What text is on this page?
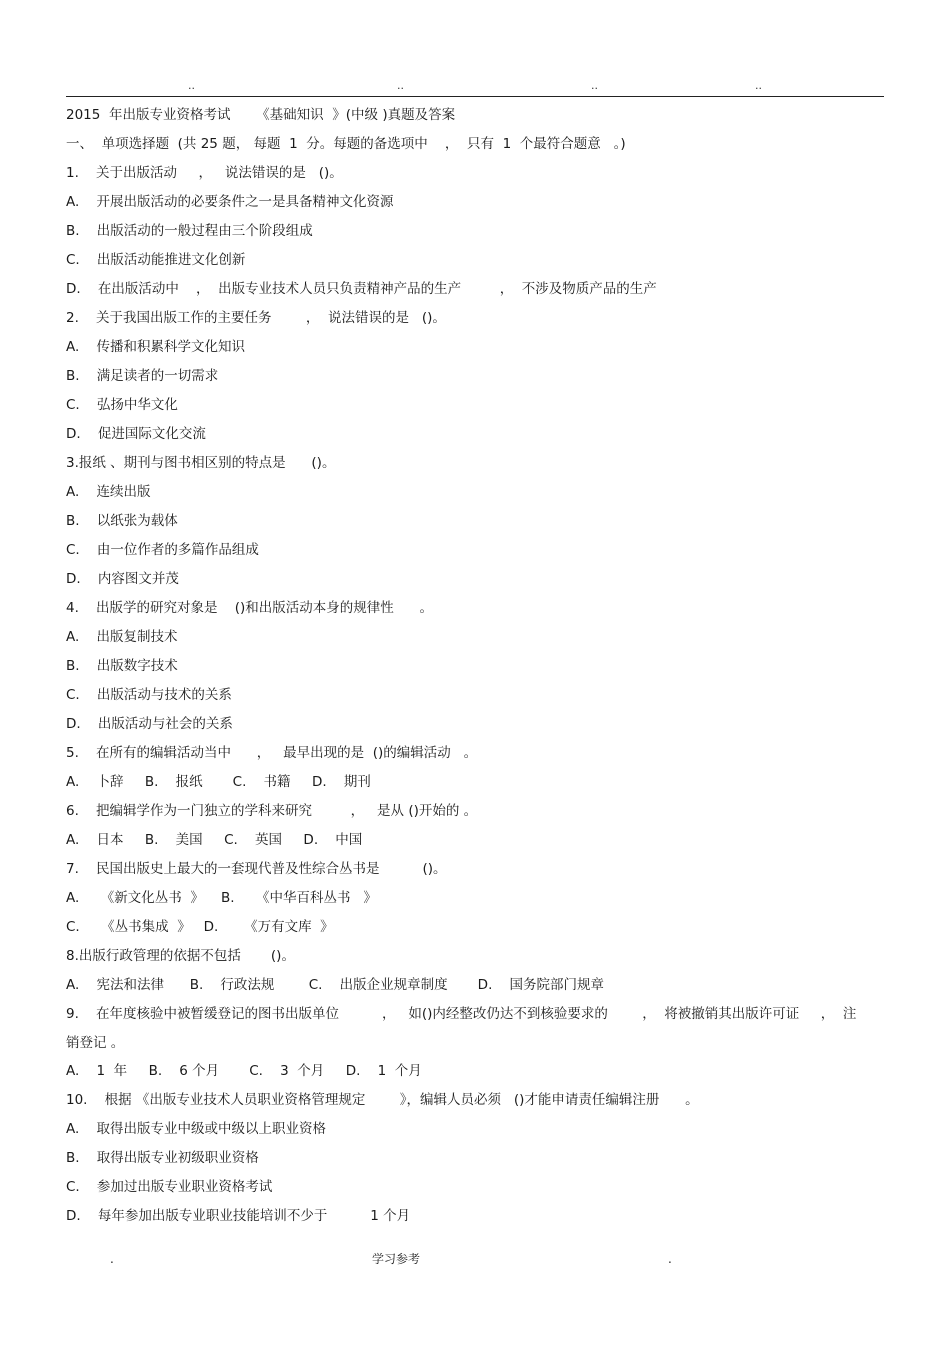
..	..	..	..
2015  年出版专业资格考试      《基础知识  》(中级 )真题及答案
一、  单项选择题  (共 25 题， 每题  1  分。每题的备选项中    ，  只有  1  个最符合题意   。)
1.    关于出版活动     ，   说法错误的是   ()。
A.    开展出版活动的必要条件之一是具备精神文化资源
B.    出版活动的一般过程由三个阶段组成
C.    出版活动能推进文化创新
D.    在出版活动中    ，  出版专业技术人员只负责精神产品的生产         ，  不涉及物质产品的生产
2.    关于我国出版工作的主要任务        ，  说法错误的是   ()。
A.    传播和积累科学文化知识
B.    满足读者的一切需求
C.    弘扬中华文化
D.    促进国际文化交流
3.报纸 、期刊与图书相区别的特点是      ()。
A.    连续出版
B.    以纸张为载体
C.    由一位作者的多篇作品组成
D.    内容图文并茂
4.    出版学的研究对象是    ()和出版活动本身的规律性      。
A.    出版复制技术
B.    出版数字技术
C.    出版活动与技术的关系
D.    出版活动与社会的关系
5.    在所有的编辑活动当中      ，   最早出现的是  ()的编辑活动   。
A.    卜辞     B.    报纸       C.    书籍     D.    期刊
6.    把编辑学作为一门独立的学科来研究         ，   是从 ()开始的 。
A.    日本     B.    美国     C.    英国     D.    中国
7.    民国出版史上最大的一套现代普及性综合丛书是          ()。
A.     《新文化丛书  》    B.     《中华百科丛书   》
C.     《丛书集成  》   D.      《万有文库  》
8.出版行政管理的依据不包括       ()。
A.    宪法和法律      B.    行政法规        C.    出版企业规章制度       D.    国务院部门规章
9.    在年度核验中被暂缓登记的图书出版单位          ，   如()内经整改仍达不到核验要求的        ，  将被撤销其出版许可证     ，  注
销登记 。
A.    1  年     B.    6 个月       C.    3  个月     D.    1  个月
10.    根据 《出版专业技术人员职业资格管理规定        》，编辑人员必须   ()才能申请责任编辑注册      。
A.    取得出版专业中级或中级以上职业资格
B.    取得出版专业初级职业资格
C.    参加过出版专业职业资格考试
D.    每年参加出版专业职业技能培训不少于          1 个月
.	学习参考	.
